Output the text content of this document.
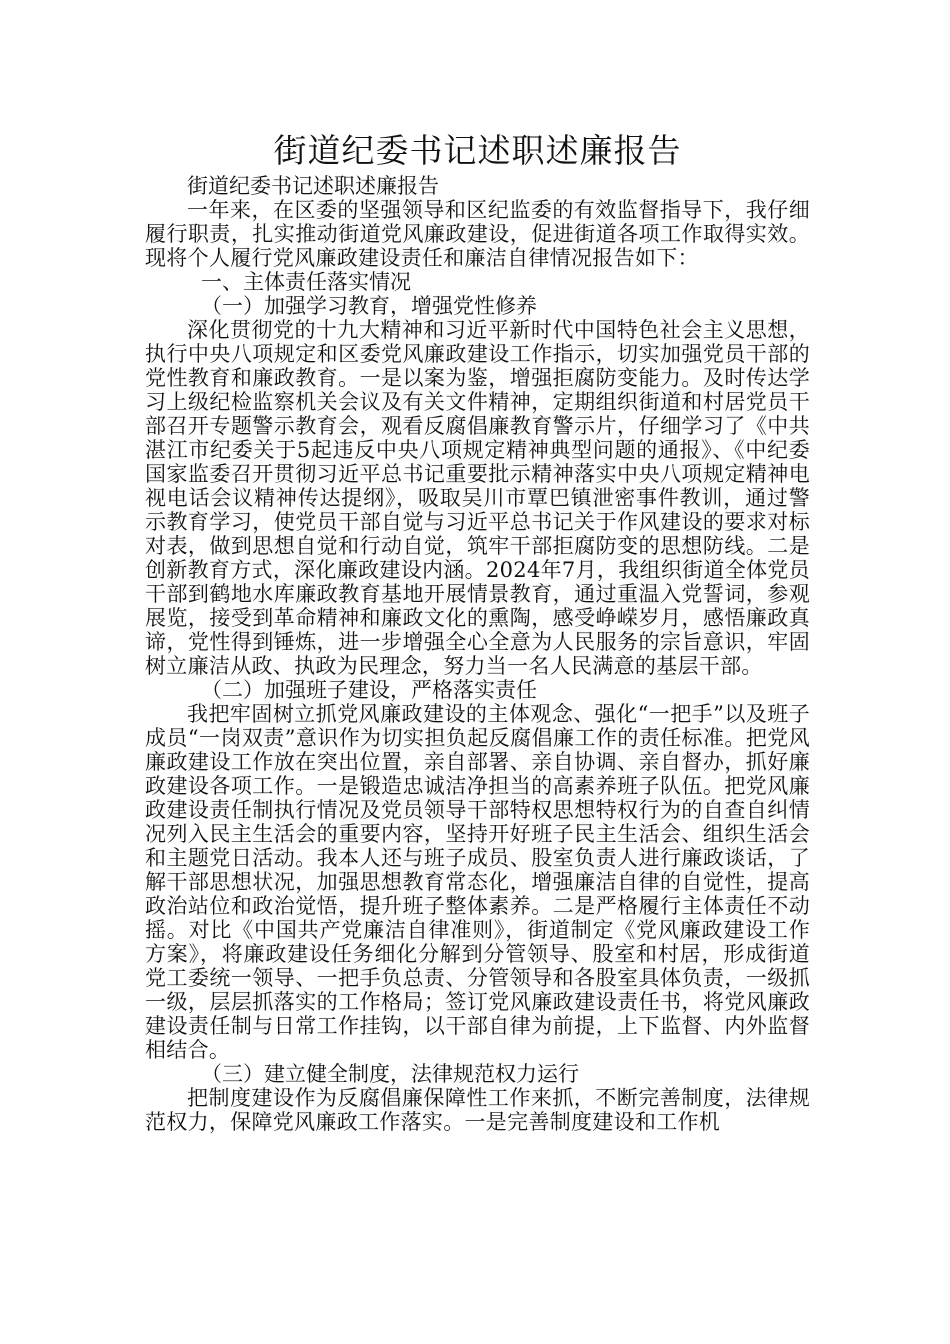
街道纪委书记述职述廉报告

街道纪委书记述职述廉报告

一年来，在区委的坚强领导和区纪监委的有效监督指导下，我仔细履行职责，扎实推动街道党风廉政建设，促进街道各项工作取得实效。现将个人履行党风廉政建设责任和廉洁自律情况报告如下：

一、主体责任落实情况

（一）加强学习教育，增强党性修养

深化贯彻党的十九大精神和习近平新时代中国特色社会主义思想，执行中央八项规定和区委党风廉政建设工作指示，切实加强党员干部的党性教育和廉政教育。一是以案为鉴，增强拒腐防变能力。及时传达学习上级纪检监察机关会议及有关文件精神，定期组织街道和村居党员干部召开专题警示教育会，观看反腐倡廉教育警示片，仔细学习了《中共湛江市纪委关于5起违反中央八项规定精神典型问题的通报》、《中纪委国家监委召开贯彻习近平总书记重要批示精神落实中央八项规定精神电视电话会议精神传达提纲》，吸取吴川市覃巴镇泄密事件教训，通过警示教育学习，使党员干部自觉与习近平总书记关于作风建设的要求对标对表，做到思想自觉和行动自觉，筑牢干部拒腐防变的思想防线。二是创新教育方式，深化廉政建设内涵。2024年7月，我组织街道全体党员干部到鹤地水库廉政教育基地开展情景教育，通过重温入党誓词，参观展览，接受到革命精神和廉政文化的熏陶，感受峥嵘岁月，感悟廉政真谛，党性得到锤炼，进一步增强全心全意为人民服务的宗旨意识，牢固树立廉洁从政、执政为民理念，努力当一名人民满意的基层干部。

（二）加强班子建设，严格落实责任

我把牢固树立抓党风廉政建设的主体观念、强化“一把手”以及班子成员“一岗双责”意识作为切实担负起反腐倡廉工作的责任标准。把党风廉政建设工作放在突出位置，亲自部署、亲自协调、亲自督办，抓好廉政建设各项工作。一是锻造忠诚洁净担当的高素养班子队伍。把党风廉政建设责任制执行情况及党员领导干部特权思想特权行为的自查自纠情况列入民主生活会的重要内容，坚持开好班子民主生活会、组织生活会和主题党日活动。我本人还与班子成员、股室负责人进行廉政谈话，了解干部思想状况，加强思想教育常态化，增强廉洁自律的自觉性，提高政治站位和政治觉悟，提升班子整体素养。二是严格履行主体责任不动摇。对比《中国共产党廉洁自律准则》，街道制定《党风廉政建设工作方案》，将廉政建设任务细化分解到分管领导、股室和村居，形成街道党工委统一领导、一把手负总责、分管领导和各股室具体负责，一级抓一级，层层抓落实的工作格局；签订党风廉政建设责任书，将党风廉政建设责任制与日常工作挂钩，以干部自律为前提，上下监督、内外监督相结合。

（三）建立健全制度，法律规范权力运行

把制度建设作为反腐倡廉保障性工作来抓，不断完善制度，法律规范权力，保障党风廉政工作落实。一是完善制度建设和工作机
